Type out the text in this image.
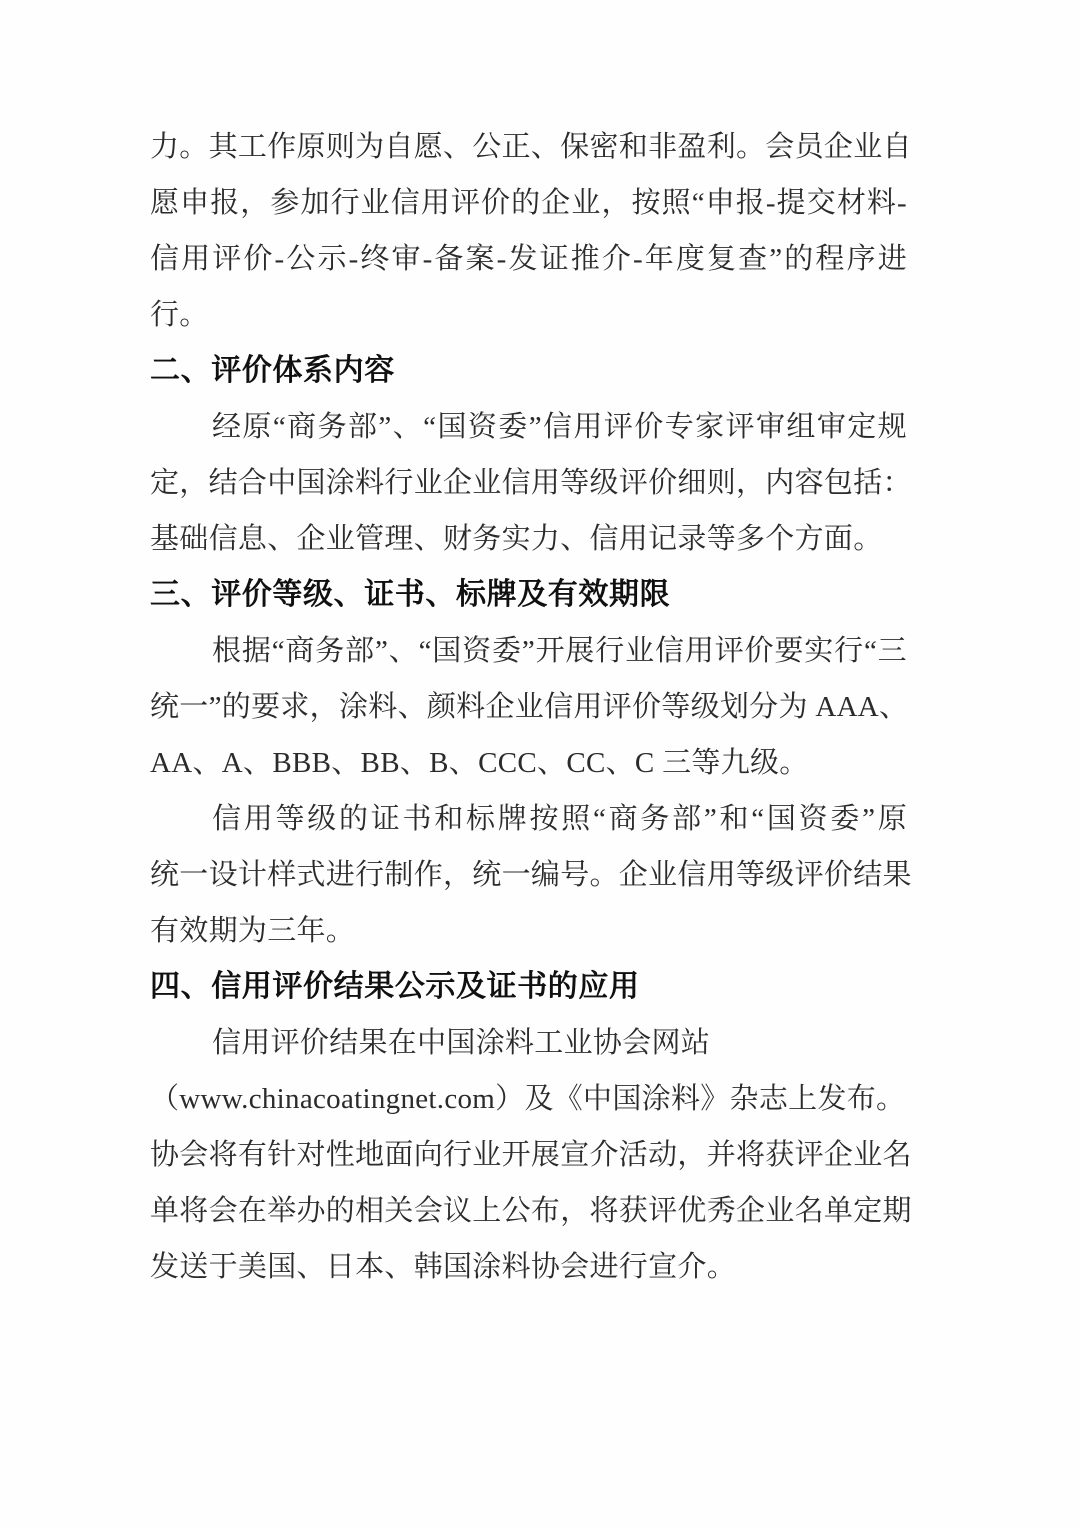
力。其工作原则为自愿、公正、保密和非盈利。会员企业自
愿申报，参加行业信用评价的企业，按照“申报-提交材料-
信用评价-公示-终审-备案-发证推介-年度复查”的程序进
行。
二、评价体系内容
经原“商务部”、“国资委”信用评价专家评审组审定规
定，结合中国涂料行业企业信用等级评价细则，内容包括：
基础信息、企业管理、财务实力、信用记录等多个方面。
三、评价等级、证书、标牌及有效期限
根据“商务部”、“国资委”开展行业信用评价要实行“三
统一”的要求，涂料、颜料企业信用评价等级划分为 AAA、
AA、A、BBB、BB、B、CCC、CC、C 三等九级。
信用等级的证书和标牌按照“商务部”和“国资委”原
统一设计样式进行制作，统一编号。企业信用等级评价结果
有效期为三年。
四、信用评价结果公示及证书的应用
信用评价结果在中国涂料工业协会网站
（www.chinacoatingnet.com）及《中国涂料》杂志上发布。
协会将有针对性地面向行业开展宣介活动，并将获评企业名
单将会在举办的相关会议上公布，将获评优秀企业名单定期
发送于美国、日本、韩国涂料协会进行宣介。
